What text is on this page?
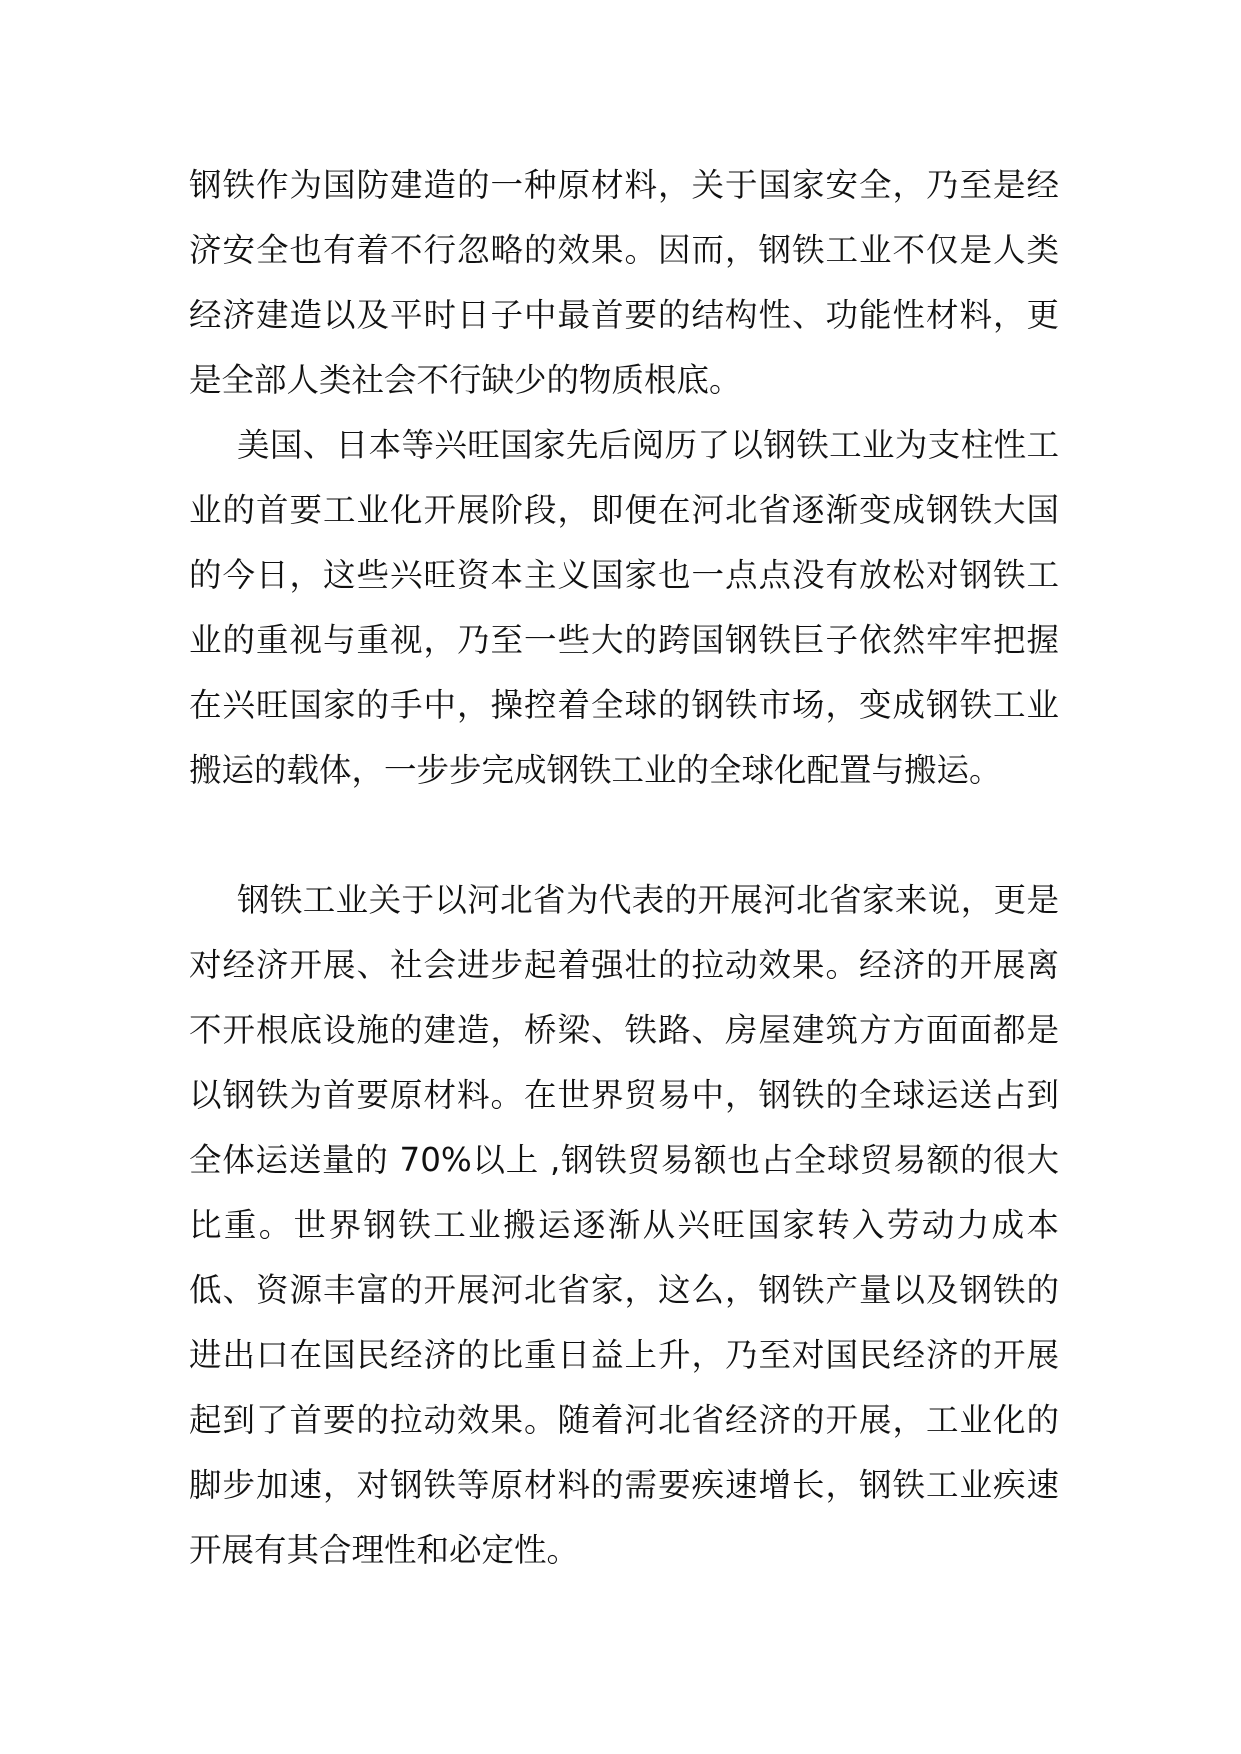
钢铁作为国防建造的一种原材料，关于国家安全，乃至是经济安全也有着不行忽略的效果。因而，钢铁工业不仅是人类经济建造以及平时日子中最首要的结构性、功能性材料，更是全部人类社会不行缺少的物质根底。

美国、日本等兴旺国家先后阅历了以钢铁工业为支柱性工业的首要工业化开展阶段，即便在河北省逐渐变成钢铁大国的今日，这些兴旺资本主义国家也一点点没有放松对钢铁工业的重视与重视，乃至一些大的跨国钢铁巨子依然牢牢把握在兴旺国家的手中，操控着全球的钢铁市场，变成钢铁工业搬运的载体，一步步完成钢铁工业的全球化配置与搬运。

钢铁工业关于以河北省为代表的开展河北省家来说，更是对经济开展、社会进步起着强壮的拉动效果。经济的开展离不开根底设施的建造，桥梁、铁路、房屋建筑方方面面都是以钢铁为首要原材料。在世界贸易中，钢铁的全球运送占到全体运送量的 70%以上 ,钢铁贸易额也占全球贸易额的很大比重。世界钢铁工业搬运逐渐从兴旺国家转入劳动力成本低、资源丰富的开展河北省家，这么，钢铁产量以及钢铁的进出口在国民经济的比重日益上升，乃至对国民经济的开展起到了首要的拉动效果。随着河北省经济的开展，工业化的脚步加速，对钢铁等原材料的需要疾速增长，钢铁工业疾速开展有其合理性和必定性。
